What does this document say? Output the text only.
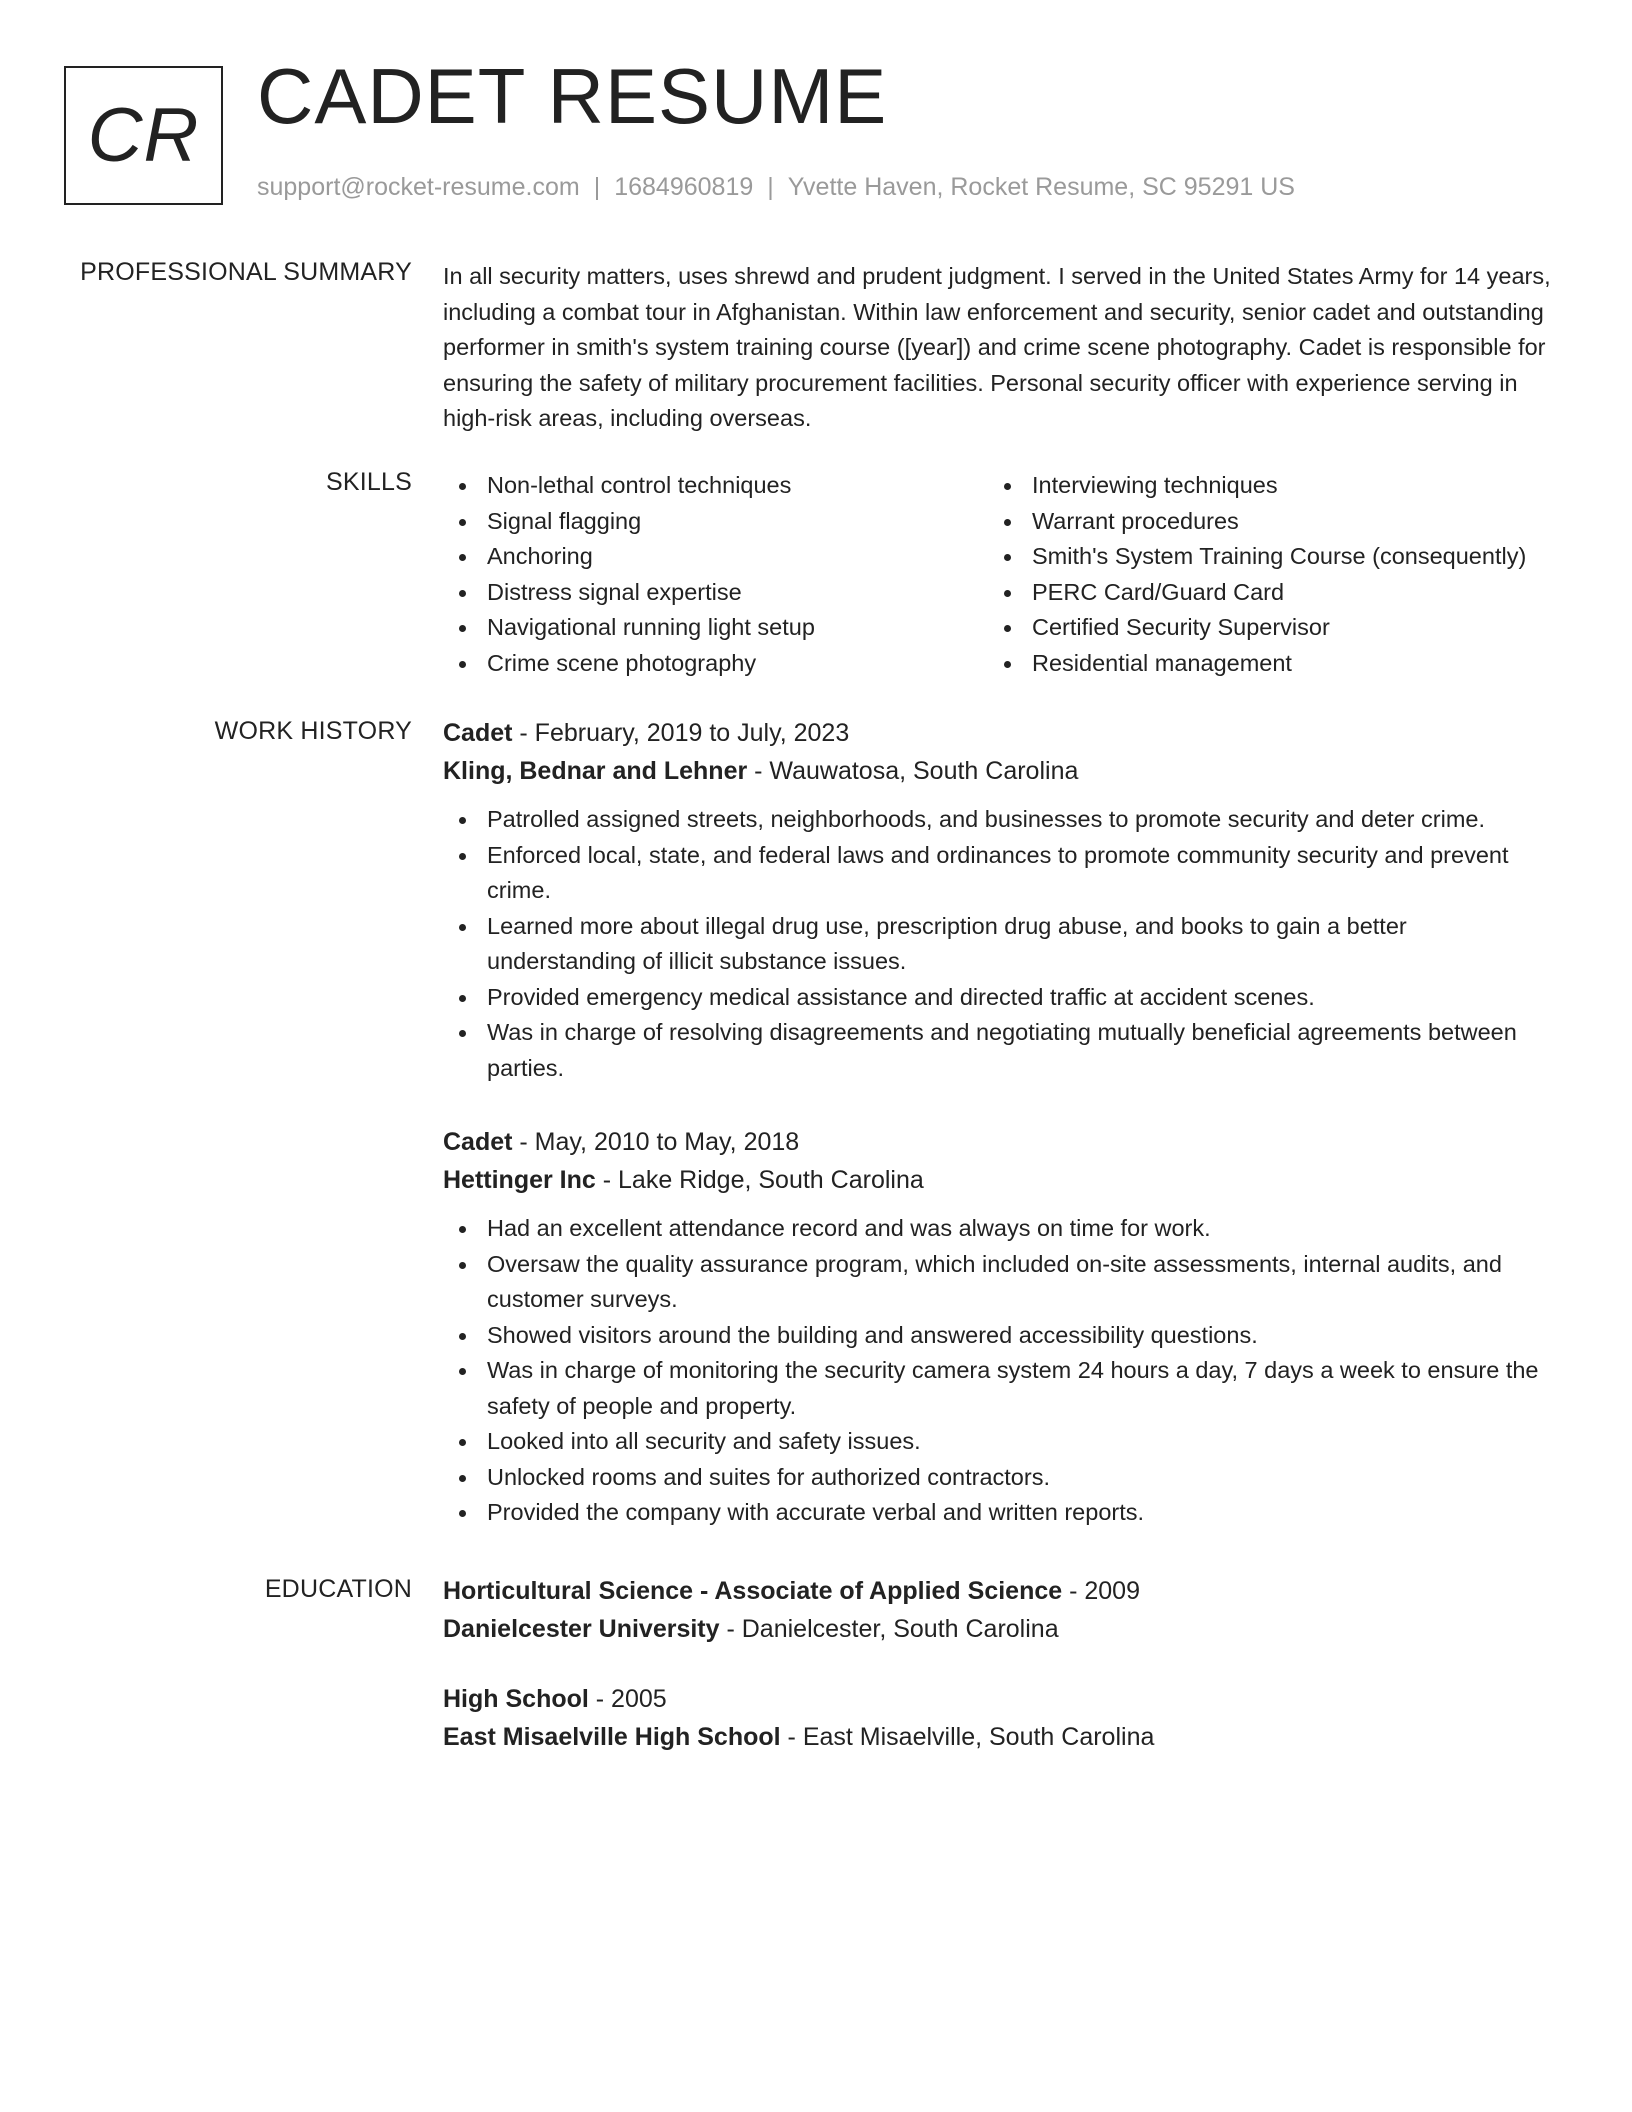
CR CADET RESUME
support@rocket-resume.com | 1684960819 | Yvette Haven, Rocket Resume, SC 95291 US
PROFESSIONAL SUMMARY In all security matters, uses shrewd and prudent judgment. I served in the United States Army for 14 years, including a combat tour in Afghanistan. Within law enforcement and security, senior cadet and outstanding performer in smith's system training course ([year]) and crime scene photography. Cadet is responsible for ensuring the safety of military procurement facilities. Personal security officer with experience serving in high-risk areas, including overseas.

SKILLS	Non-lethal control techniques
Signal flagging
Anchoring
Distress signal expertise
Navigational running light setup
Crime scene photography
Interviewing techniques
Warrant procedures
Smith's System Training Course (consequently)
PERC Card/Guard Card
Certified Security Supervisor
Residential management
WORK HISTORY Cadet - February, 2019 to July, 2023
Kling, Bednar and Lehner - Wauwatosa, South Carolina
Patrolled assigned streets, neighborhoods, and businesses to promote security and deter crime.
Enforced local, state, and federal laws and ordinances to promote community security and prevent crime.
Learned more about illegal drug use, prescription drug abuse, and books to gain a better understanding of illicit substance issues.
Provided emergency medical assistance and directed traffic at accident scenes.
Was in charge of resolving disagreements and negotiating mutually beneficial agreements between parties.
Cadet - May, 2010 to May, 2018
Hettinger Inc - Lake Ridge, South Carolina
Had an excellent attendance record and was always on time for work.
Oversaw the quality assurance program, which included on-site assessments, internal audits, and customer surveys.
Showed visitors around the building and answered accessibility questions.
Was in charge of monitoring the security camera system 24 hours a day, 7 days a week to ensure the safety of people and property.
Looked into all security and safety issues.
Unlocked rooms and suites for authorized contractors.
Provided the company with accurate verbal and written reports.
EDUCATION Horticultural Science - Associate of Applied Science - 2009
Danielcester University - Danielcester, South Carolina
High School - 2005
East Misaelville High School - East Misaelville, South Carolina
